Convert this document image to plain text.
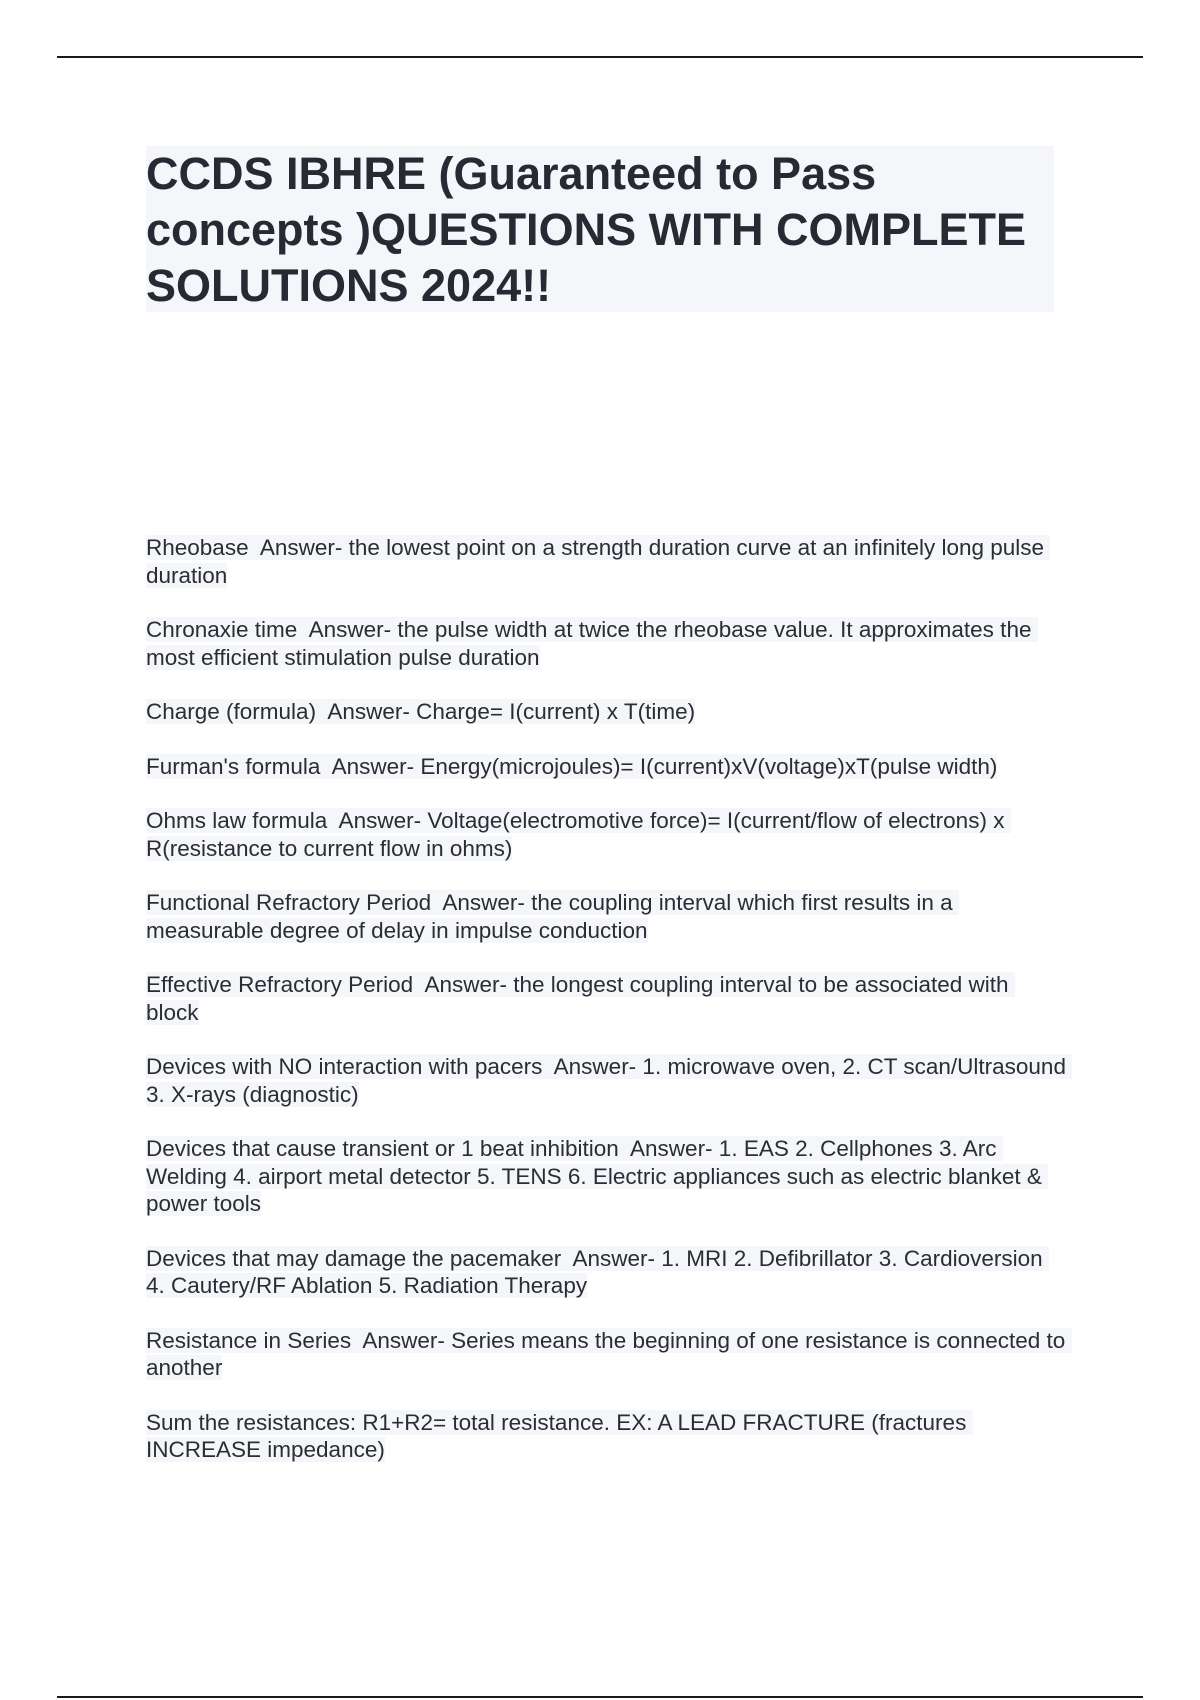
CCDS IBHRE (Guaranteed to Pass concepts )QUESTIONS WITH COMPLETE SOLUTIONS 2024!!

Rheobase  Answer- the lowest point on a strength duration curve at an infinitely long pulse duration

Chronaxie time  Answer- the pulse width at twice the rheobase value. It approximates the most efficient stimulation pulse duration

Charge (formula)  Answer- Charge= I(current) x T(time)

Furman's formula  Answer- Energy(microjoules)= I(current)xV(voltage)xT(pulse width)

Ohms law formula  Answer- Voltage(electromotive force)= I(current/flow of electrons) x R(resistance to current flow in ohms)

Functional Refractory Period  Answer- the coupling interval which first results in a measurable degree of delay in impulse conduction

Effective Refractory Period  Answer- the longest coupling interval to be associated with block

Devices with NO interaction with pacers  Answer- 1. microwave oven, 2. CT scan/Ultrasound 3. X-rays (diagnostic)

Devices that cause transient or 1 beat inhibition  Answer- 1. EAS 2. Cellphones 3. Arc Welding 4. airport metal detector 5. TENS 6. Electric appliances such as electric blanket & power tools

Devices that may damage the pacemaker  Answer- 1. MRI 2. Defibrillator 3. Cardioversion 4. Cautery/RF Ablation 5. Radiation Therapy

Resistance in Series  Answer- Series means the beginning of one resistance is connected to another

Sum the resistances: R1+R2= total resistance. EX: A LEAD FRACTURE (fractures INCREASE impedance)
